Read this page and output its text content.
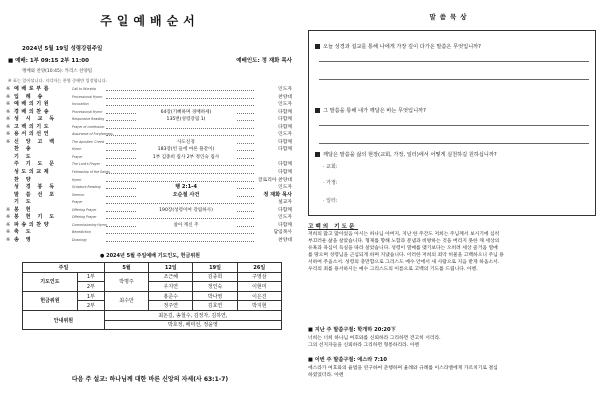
주일예배순서
2024년 5월 19일 성령강림주일
■ 예배: 1부 09:15 2부 11:00	예배인도: 정 재화 목사
앵배와 찬양(10:45): 카리스 찬양팀
※ 표는 일어섭니다. 지각자는 찬양 중에만 입장합니다.
※ 예배로부름	Call to Worship	인도자
※ 입 례 송	Processional Hymn	찬양대
※ 예배의기원	Invocation	인도자
※ 경배의찬송	Processional Hymn	64장(기뻐하며 경배하세)	다함께
※ 성 시 교 독	Responsive Reading	135번(성령강림 1)	다함께
※ 고백의기도	Prayer of confession	다함께
※ 용서의선언	Assurance of Forgiveness	인도자
※ 신 앙 고 백	The Apostles' Creed	사도신경	다함께
찬 송	Hymn	183장(빈 들에 마른 풀같이)	다함께
기 도	Prayer	1부 김종희 집사 2부 정인숙 집사
주 기 도 문	The Lord's Prayer	다함께
성도의교제	Fellowship of the Saints	다함께
찬 양	Hymn	글로리아 찬양대
성 경 봉 독	Scripture Reading	행 2:1-4	인도자
말 씀 선 포	Sermon	오순절 사건	정 재화 목사
기 도	Prayer	설교자
※ 봉 헌	Offering Prayer	190장(성령이여 강림하사)	다함께
※ 봉 헌 기 도	Offering Prayer	인도자
※ 파송의찬양	Commissioning Hymn	살아 계신 주	다함께
※ 축 도	Benediction	담임목사
※ 송 영	Doxology	찬양대
● 2024년 5월 주일예배 기도인도, 헌금위원
주일		5월	12일	19일	26일
기도인도	1부	박명주	조근혜	김종희	구영삼
	2부		우지연	정인숙	이현미
헌금위원	1부	최수만	홍준수	박나영	이은진
	2부		정주연	김효연	박지현
안내위원		최돈길, 송철수, 김정자, 김하연,			
		박호정, 배미선, 정윤영			
다음 주 설교: 하나님께 대한 바른 신앙의 자세(사 63:1-7)
말씀묵상
오늘 성경과 설교를 통해 나에게 가장 깊이 다가온 말씀은 무엇입니까?
그 말씀을 통해 내가 깨달은 바는 무엇입니까?
깨달은 말씀을 삶의 현장(교회, 가정, 일터)에서 어떻게 실천하길 원하십니까?
· 교회:
· 가정:
· 일터:
고백의 기도문
저희의 많고 많아었음 아시는 하나님 아버지, 지난 한 주간도 저희는 주님께서 보시기에 심히
부끄러운 삶을 살았습니다. 형제를 향해 노함과 분냄과 비방하는 것을 버리지 못한 채 세상의
유혹과 욕심이 득실을 따라 살았습니다. 성령이 열매를 맺기보다는 오히려 세상 즐거움 열매
를 땅으며 성령님을 근심되게 하며 지냈습니다. 이러한 저희의 죄악 허물을 고백하오니 주님 용
서하여 주옵소서. 성령의 충만함으로 그리스도 예수 안에서 새 사람으로 지음 받게 하옵소서.
우리의 죄를 용서하시는 예수 그리스도의 이름으로 고백의 기도를 드립니다. 아멘.
■ 지난 주 말씀구절: 학개하 20:20下
너희는 너희 하나님 여호와를 신뢰하라 그리하면 견고히 서리라.
그의 선지자들을 신뢰하라 그리하면 형통하리라. 아멘
■ 이번 주 말씀구절: 에스라 7:10
에스라가 여호와의 율법을 연구하여 준행하며 율례와 규례를 이스라엘에게 가르치기로 결심
하였었더라. 아멘
